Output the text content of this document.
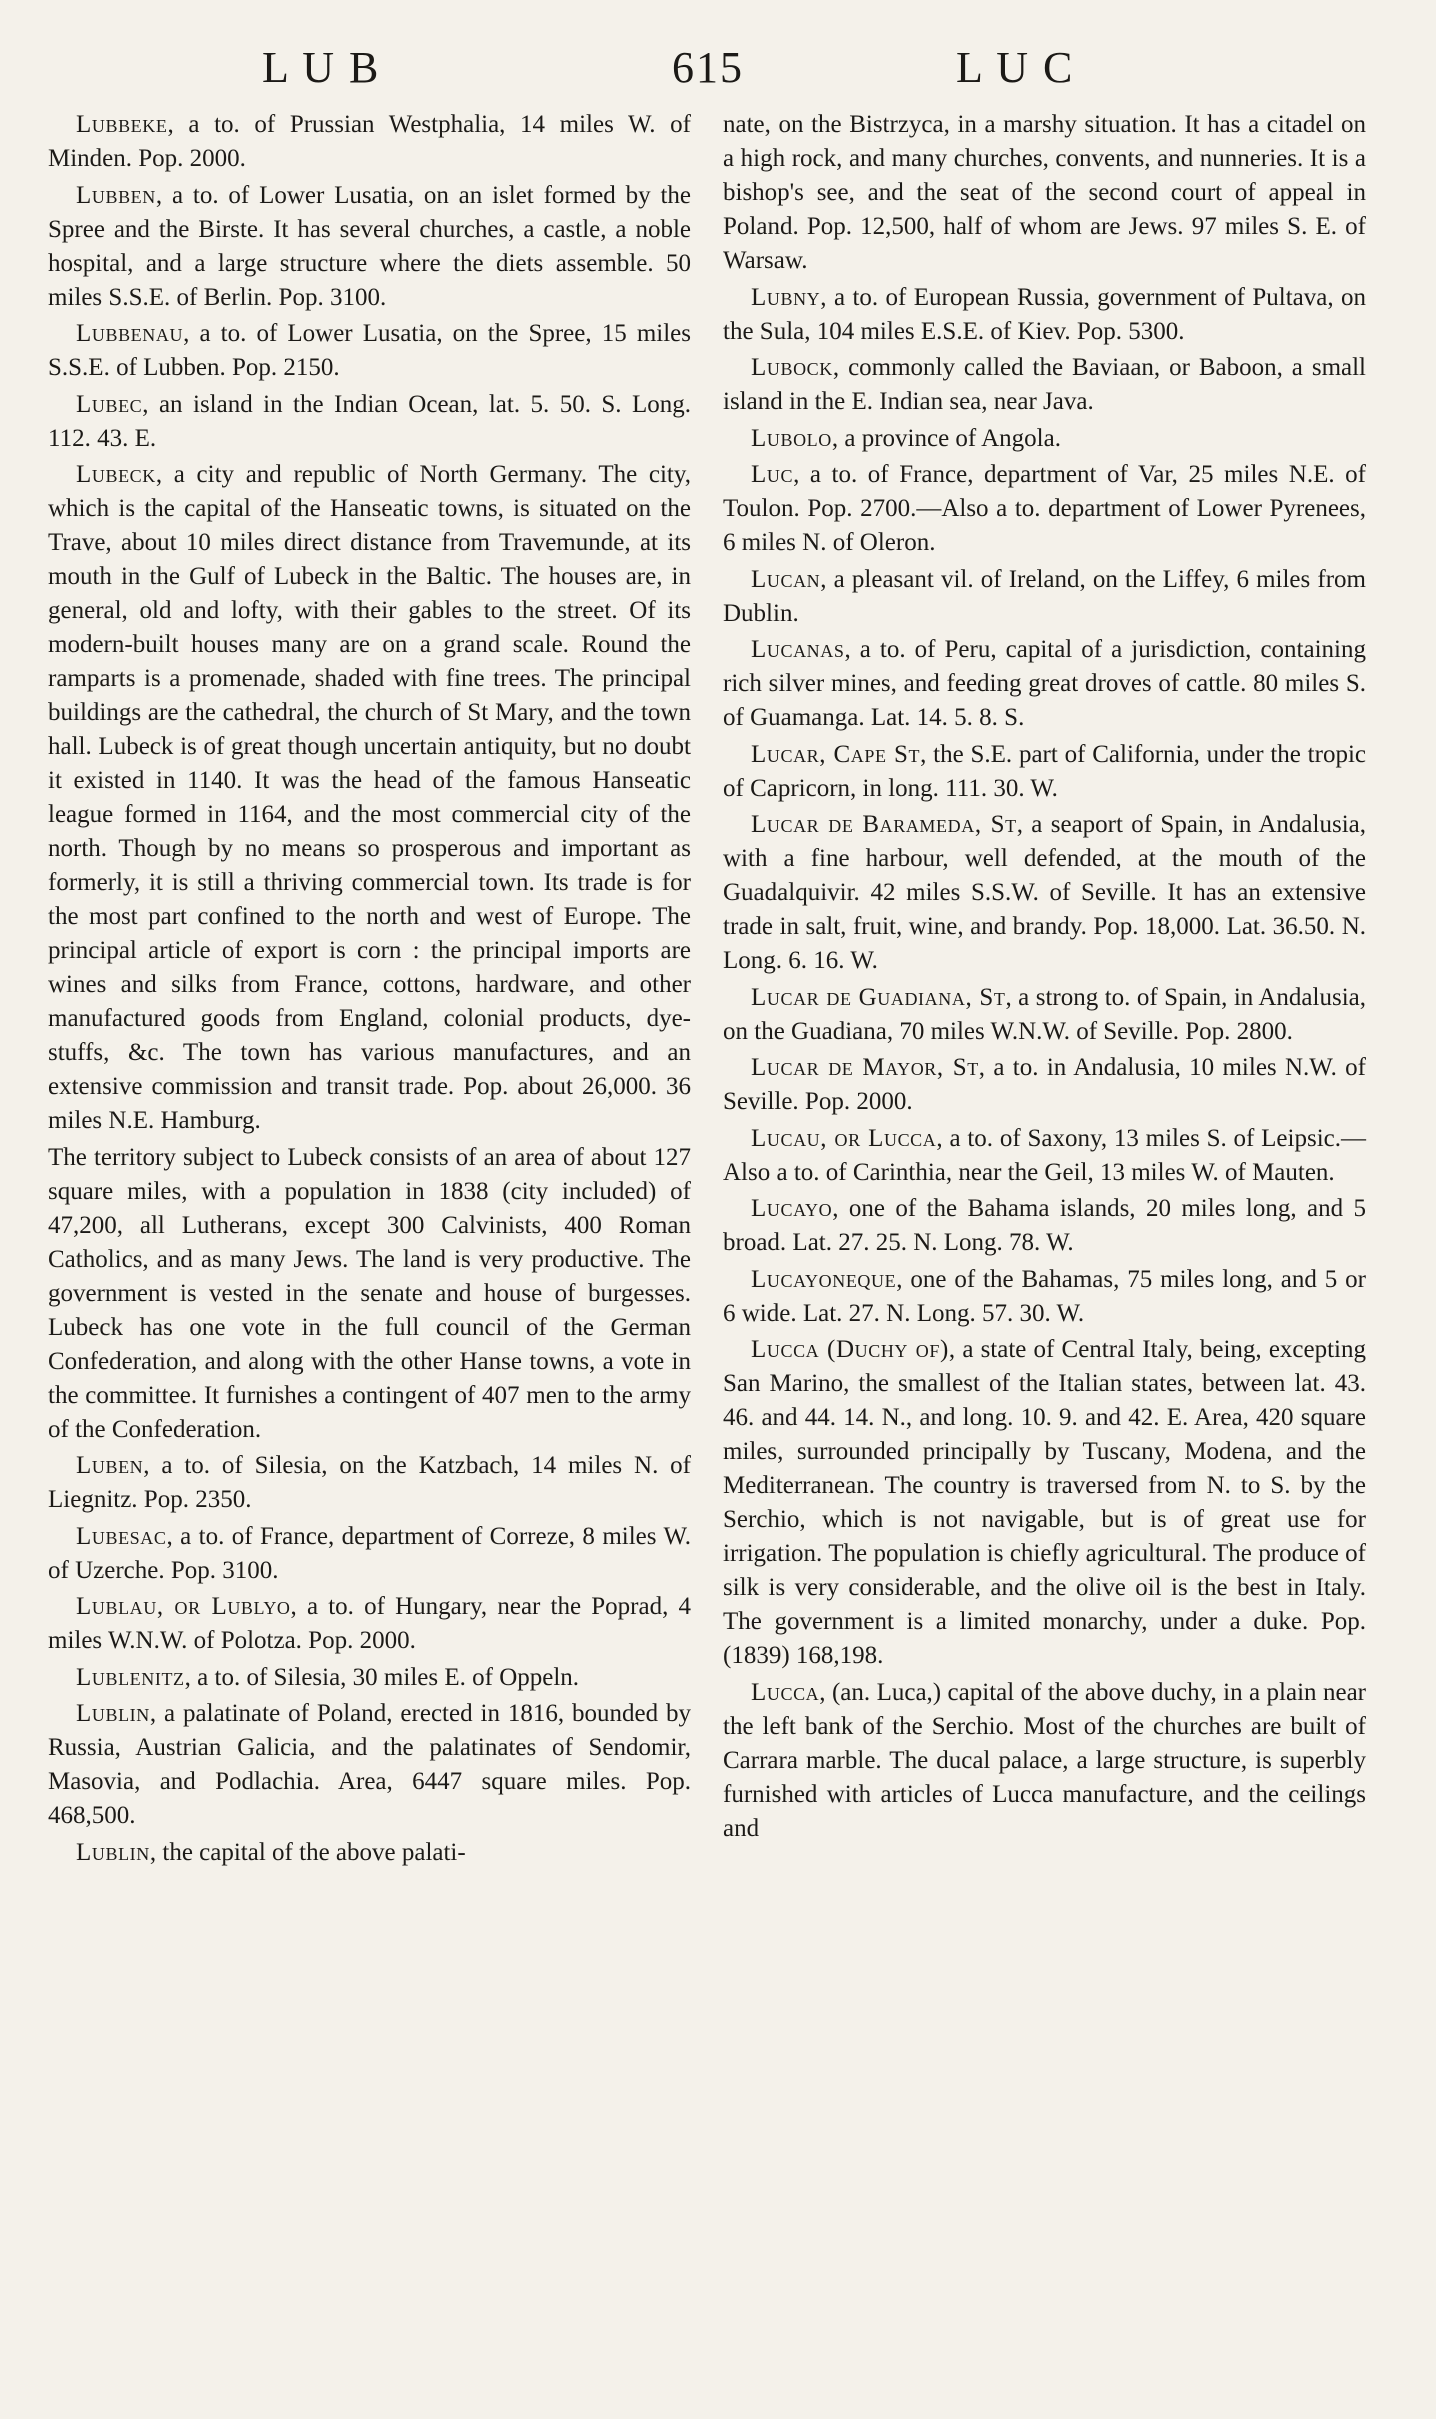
L U B	615	L U C

Lubbeke, a to. of Prussian Westphalia, 14 miles W. of Minden. Pop. 2000.

Lubben, a to. of Lower Lusatia, on an islet formed by the Spree and the Birste. It has several churches, a castle, a noble hospital, and a large structure where the diets assemble. 50 miles S.S.E. of Berlin. Pop. 3100.

Lubbenau, a to. of Lower Lusatia, on the Spree, 15 miles S.S.E. of Lubben. Pop. 2150.

Lubec, an island in the Indian Ocean, lat. 5. 50. S. Long. 112. 43. E.

Lubeck, a city and republic of North Germany. The city, which is the capital of the Hanseatic towns, is situated on the Trave, about 10 miles direct distance from Travemunde, at its mouth in the Gulf of Lubeck in the Baltic. The houses are, in general, old and lofty, with their gables to the street. Of its modern-built houses many are on a grand scale. Round the ramparts is a promenade, shaded with fine trees. The principal buildings are the cathedral, the church of St Mary, and the town hall. Lubeck is of great though uncertain antiquity, but no doubt it existed in 1140. It was the head of the famous Hanseatic league formed in 1164, and the most commercial city of the north. Though by no means so prosperous and important as formerly, it is still a thriving commercial town. Its trade is for the most part confined to the north and west of Europe. The principal article of export is corn : the principal imports are wines and silks from France, cottons, hardware, and other manufactured goods from England, colonial products, dye-stuffs, &c. The town has various manufactures, and an extensive commission and transit trade. Pop. about 26,000. 36 miles N.E. Hamburg.

The territory subject to Lubeck consists of an area of about 127 square miles, with a population in 1838 (city included) of 47,200, all Lutherans, except 300 Calvinists, 400 Roman Catholics, and as many Jews. The land is very productive. The government is vested in the senate and house of burgesses. Lubeck has one vote in the full council of the German Confederation, and along with the other Hanse towns, a vote in the committee. It furnishes a contingent of 407 men to the army of the Confederation.

Luben, a to. of Silesia, on the Katzbach, 14 miles N. of Liegnitz. Pop. 2350.

Lubesac, a to. of France, department of Correze, 8 miles W. of Uzerche. Pop. 3100.

Lublau, or Lublyo, a to. of Hungary, near the Poprad, 4 miles W.N.W. of Polotza. Pop. 2000.

Lublenitz, a to. of Silesia, 30 miles E. of Oppeln.

Lublin, a palatinate of Poland, erected in 1816, bounded by Russia, Austrian Galicia, and the palatinates of Sendomir, Masovia, and Podlachia. Area, 6447 square miles. Pop. 468,500.

Lublin, the capital of the above palati-

nate, on the Bistrzyca, in a marshy situation. It has a citadel on a high rock, and many churches, convents, and nunneries. It is a bishop's see, and the seat of the second court of appeal in Poland. Pop. 12,500, half of whom are Jews. 97 miles S. E. of Warsaw.

Lubny, a to. of European Russia, government of Pultava, on the Sula, 104 miles E.S.E. of Kiev. Pop. 5300.

Lubock, commonly called the Baviaan, or Baboon, a small island in the E. Indian sea, near Java.

Lubolo, a province of Angola.

Luc, a to. of France, department of Var, 25 miles N.E. of Toulon. Pop. 2700.—Also a to. department of Lower Pyrenees, 6 miles N. of Oleron.

Lucan, a pleasant vil. of Ireland, on the Liffey, 6 miles from Dublin.

Lucanas, a to. of Peru, capital of a jurisdiction, containing rich silver mines, and feeding great droves of cattle. 80 miles S. of Guamanga. Lat. 14. 5. 8. S.

Lucar, Cape St, the S.E. part of California, under the tropic of Capricorn, in long. 111. 30. W.

Lucar de Barameda, St, a seaport of Spain, in Andalusia, with a fine harbour, well defended, at the mouth of the Guadalquivir. 42 miles S.S.W. of Seville. It has an extensive trade in salt, fruit, wine, and brandy. Pop. 18,000. Lat. 36.50. N. Long. 6. 16. W.

Lucar de Guadiana, St, a strong to. of Spain, in Andalusia, on the Guadiana, 70 miles W.N.W. of Seville. Pop. 2800.

Lucar de Mayor, St, a to. in Andalusia, 10 miles N.W. of Seville. Pop. 2000.

Lucau, or Lucca, a to. of Saxony, 13 miles S. of Leipsic.—Also a to. of Carinthia, near the Geil, 13 miles W. of Mauten.

Lucayo, one of the Bahama islands, 20 miles long, and 5 broad. Lat. 27. 25. N. Long. 78. W.

Lucayoneque, one of the Bahamas, 75 miles long, and 5 or 6 wide. Lat. 27. N. Long. 57. 30. W.

Lucca (Duchy of), a state of Central Italy, being, excepting San Marino, the smallest of the Italian states, between lat. 43. 46. and 44. 14. N., and long. 10. 9. and 42. E. Area, 420 square miles, surrounded principally by Tuscany, Modena, and the Mediterranean. The country is traversed from N. to S. by the Serchio, which is not navigable, but is of great use for irrigation. The population is chiefly agricultural. The produce of silk is very considerable, and the olive oil is the best in Italy. The government is a limited monarchy, under a duke. Pop. (1839) 168,198.

Lucca, (an. Luca,) capital of the above duchy, in a plain near the left bank of the Serchio. Most of the churches are built of Carrara marble. The ducal palace, a large structure, is superbly furnished with articles of Lucca manufacture, and the ceilings and
